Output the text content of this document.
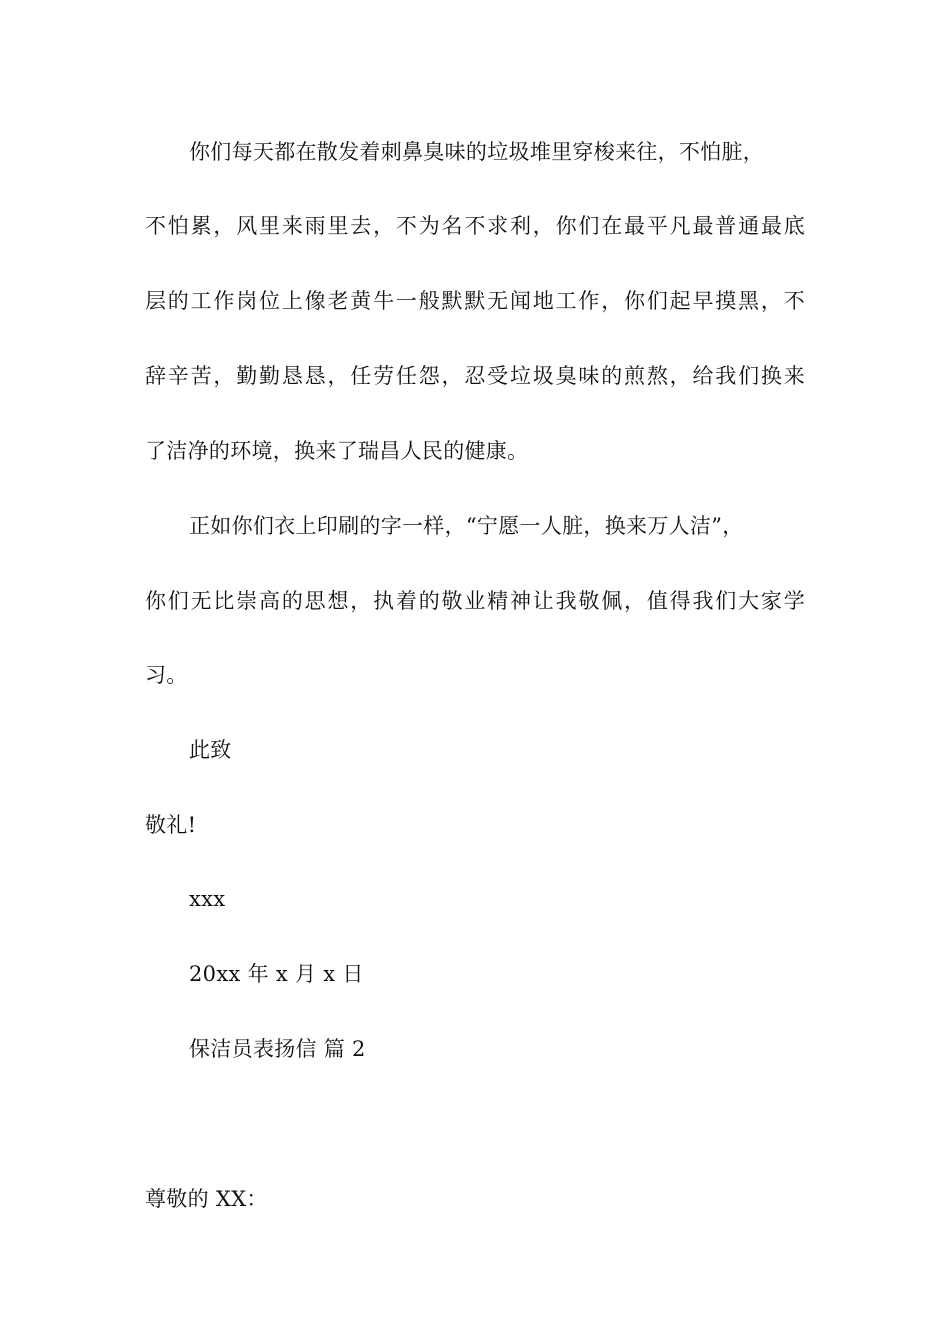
你们每天都在散发着刺鼻臭味的垃圾堆里穿梭来往，不怕脏，
不怕累，风里来雨里去，不为名不求利，你们在最平凡最普通最底
层的工作岗位上像老黄牛一般默默无闻地工作，你们起早摸黑，不
辞辛苦，勤勤恳恳，任劳任怨，忍受垃圾臭味的煎熬，给我们换来
了洁净的环境，换来了瑞昌人民的健康。
正如你们衣上印刷的字一样，“宁愿一人脏，换来万人洁”，
你们无比崇高的思想，执着的敬业精神让我敬佩，值得我们大家学
习。
此致
敬礼!
xxx
20xx 年 x 月 x 日
保洁员表扬信 篇 2
尊敬的 XX：
